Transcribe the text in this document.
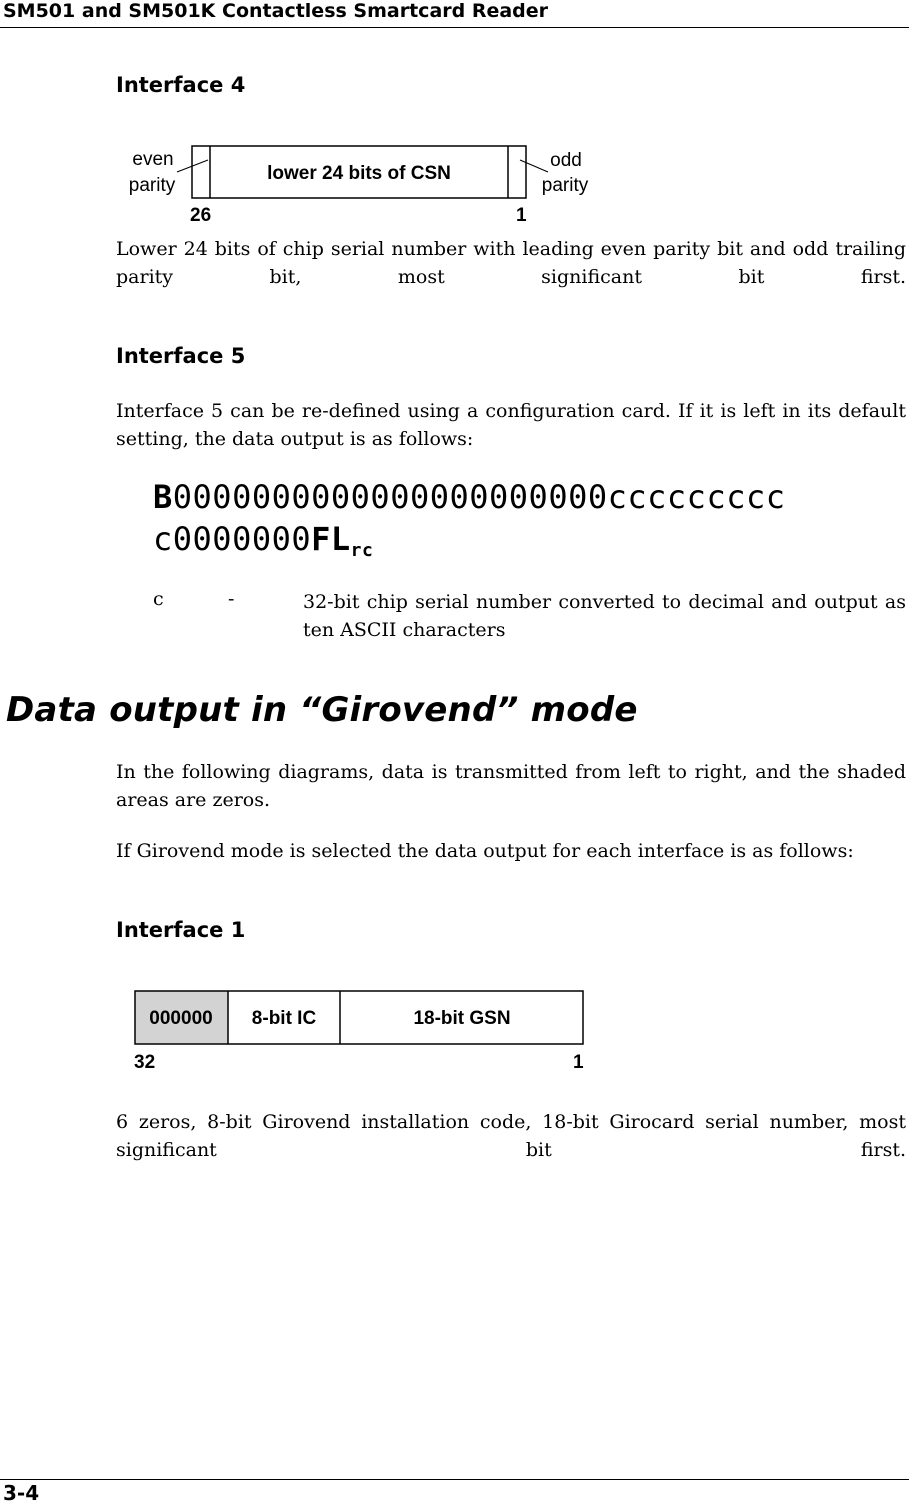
SM501 and SM501K Contactless Smartcard Reader
Interface 4
even
parity
lower 24 bits of CSN
odd
parity
26	1
Lower 24 bits of chip serial number with leading even parity bit and odd trailing parity bit, most significant bit first.
Interface 5
Interface 5 can be re-defined using a configuration card. If it is left in its default setting, the data output is as follows:
B0000000000000000000000ccccccccc
$c0000000FL_{rc}$
c	-	32-bit chip serial number converted to decimal and output as ten ASCII characters
Data output in “Girovend” mode
In the following diagrams, data is transmitted from left to right, and the shaded areas are zeros.
If Girovend mode is selected the data output for each interface is as follows:
Interface 1
000000 8-bit IC	18-bit GSN
32	1
6 zeros, 8-bit Girovend installation code, 18-bit Girocard serial number, most significant bit first.
3-4
